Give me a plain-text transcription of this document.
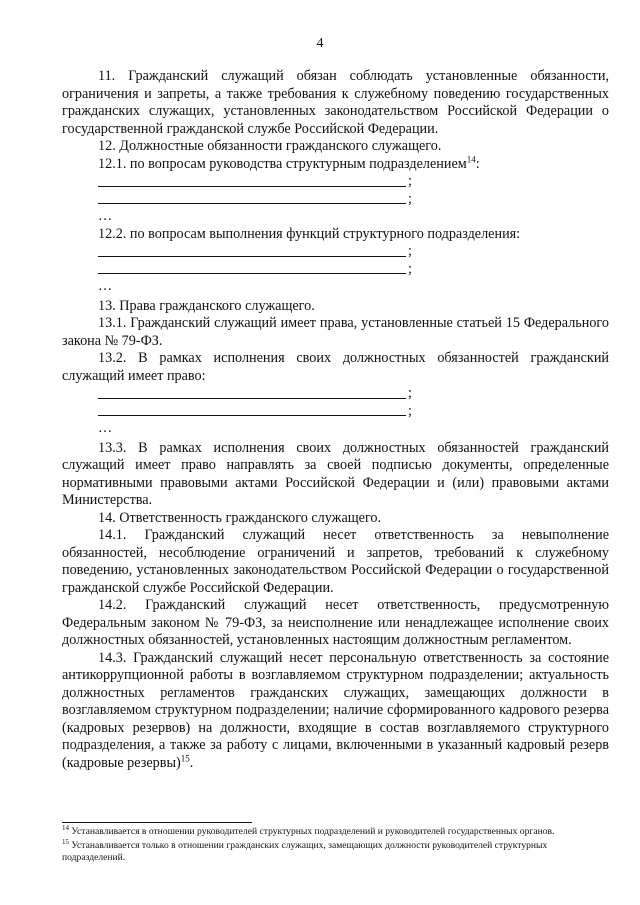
4

11. Гражданский служащий обязан соблюдать установленные обязанности, ограничения и запреты, а также требования к служебному поведению государственных гражданских служащих, установленных законодательством Российской Федерации о государственной гражданской службе Российской Федерации.

12. Должностные обязанности гражданского служащего.

12.1. по вопросам руководства структурным подразделением$^{14}$:

;
;

…

12.2. по вопросам выполнения функций структурного подразделения:

;
;

…

13. Права гражданского служащего.

13.1. Гражданский служащий имеет права, установленные статьей 15 Федерального закона № 79-ФЗ.

13.2. В рамках исполнения своих должностных обязанностей гражданский служащий имеет право:

;
;

…

13.3. В рамках исполнения своих должностных обязанностей гражданский служащий имеет право направлять за своей подписью документы, определенные нормативными правовыми актами Российской Федерации и (или) правовыми актами Министерства.

14. Ответственность гражданского служащего.

14.1. Гражданский служащий несет ответственность за невыполнение обязанностей, несоблюдение ограничений и запретов, требований к служебному поведению, установленных законодательством Российской Федерации о государственной гражданской службе Российской Федерации.

14.2. Гражданский служащий несет ответственность, предусмотренную Федеральным законом № 79-ФЗ, за неисполнение или ненадлежащее исполнение своих должностных обязанностей, установленных настоящим должностным регламентом.

14.3. Гражданский служащий несет персональную ответственность за состояние антикоррупционной работы в возглавляемом структурном подразделении; актуальность должностных регламентов гражданских служащих, замещающих должности в возглавляемом структурном подразделении; наличие сформированного кадрового резерва (кадровых резервов) на должности, входящие в состав возглавляемого структурного подразделения, а также за работу с лицами, включенными в указанный кадровый резерв (кадровые резервы)$^{15}$.

$^{14}$ Устанавливается в отношении руководителей структурных подразделений и руководителей государственных органов.

$^{15}$ Устанавливается только в отношении гражданских служащих, замещающих должности руководителей структурных подразделений.
